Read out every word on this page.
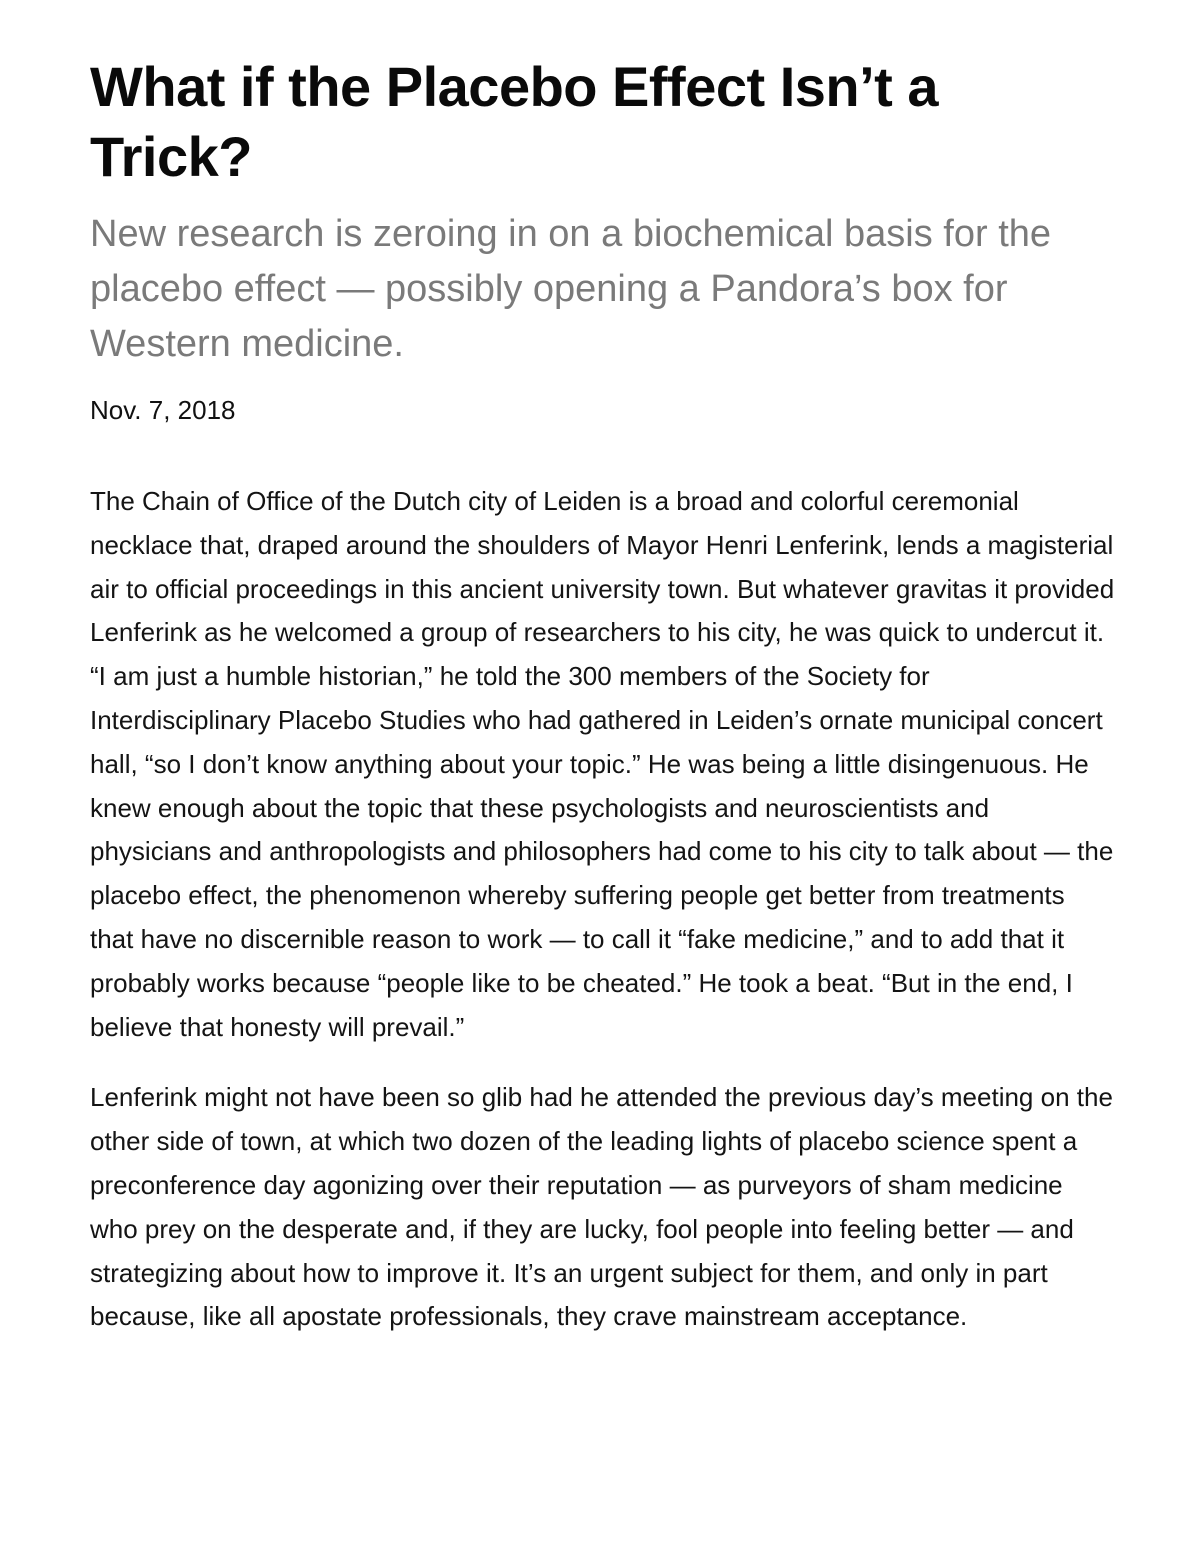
What if the Placebo Effect Isn’t a Trick?
New research is zeroing in on a biochemical basis for the placebo effect — possibly opening a Pandora’s box for Western medicine.
Nov. 7, 2018

The Chain of Office of the Dutch city of Leiden is a broad and colorful ceremonial necklace that, draped around the shoulders of Mayor Henri Lenferink, lends a magisterial air to official proceedings in this ancient university town. But whatever gravitas it provided Lenferink as he welcomed a group of researchers to his city, he was quick to undercut it. “I am just a humble historian,” he told the 300 members of the Society for Interdisciplinary Placebo Studies who had gathered in Leiden’s ornate municipal concert hall, “so I don’t know anything about your topic.” He was being a little disingenuous. He knew enough about the topic that these psychologists and neuroscientists and physicians and anthropologists and philosophers had come to his city to talk about — the placebo effect, the phenomenon whereby suffering people get better from treatments that have no discernible reason to work — to call it “fake medicine,” and to add that it probably works because “people like to be cheated.” He took a beat. “But in the end, I believe that honesty will prevail.”

Lenferink might not have been so glib had he attended the previous day’s meeting on the other side of town, at which two dozen of the leading lights of placebo science spent a preconference day agonizing over their reputation — as purveyors of sham medicine who prey on the desperate and, if they are lucky, fool people into feeling better — and strategizing about how to improve it. It’s an urgent subject for them, and only in part because, like all apostate professionals, they crave mainstream acceptance.
